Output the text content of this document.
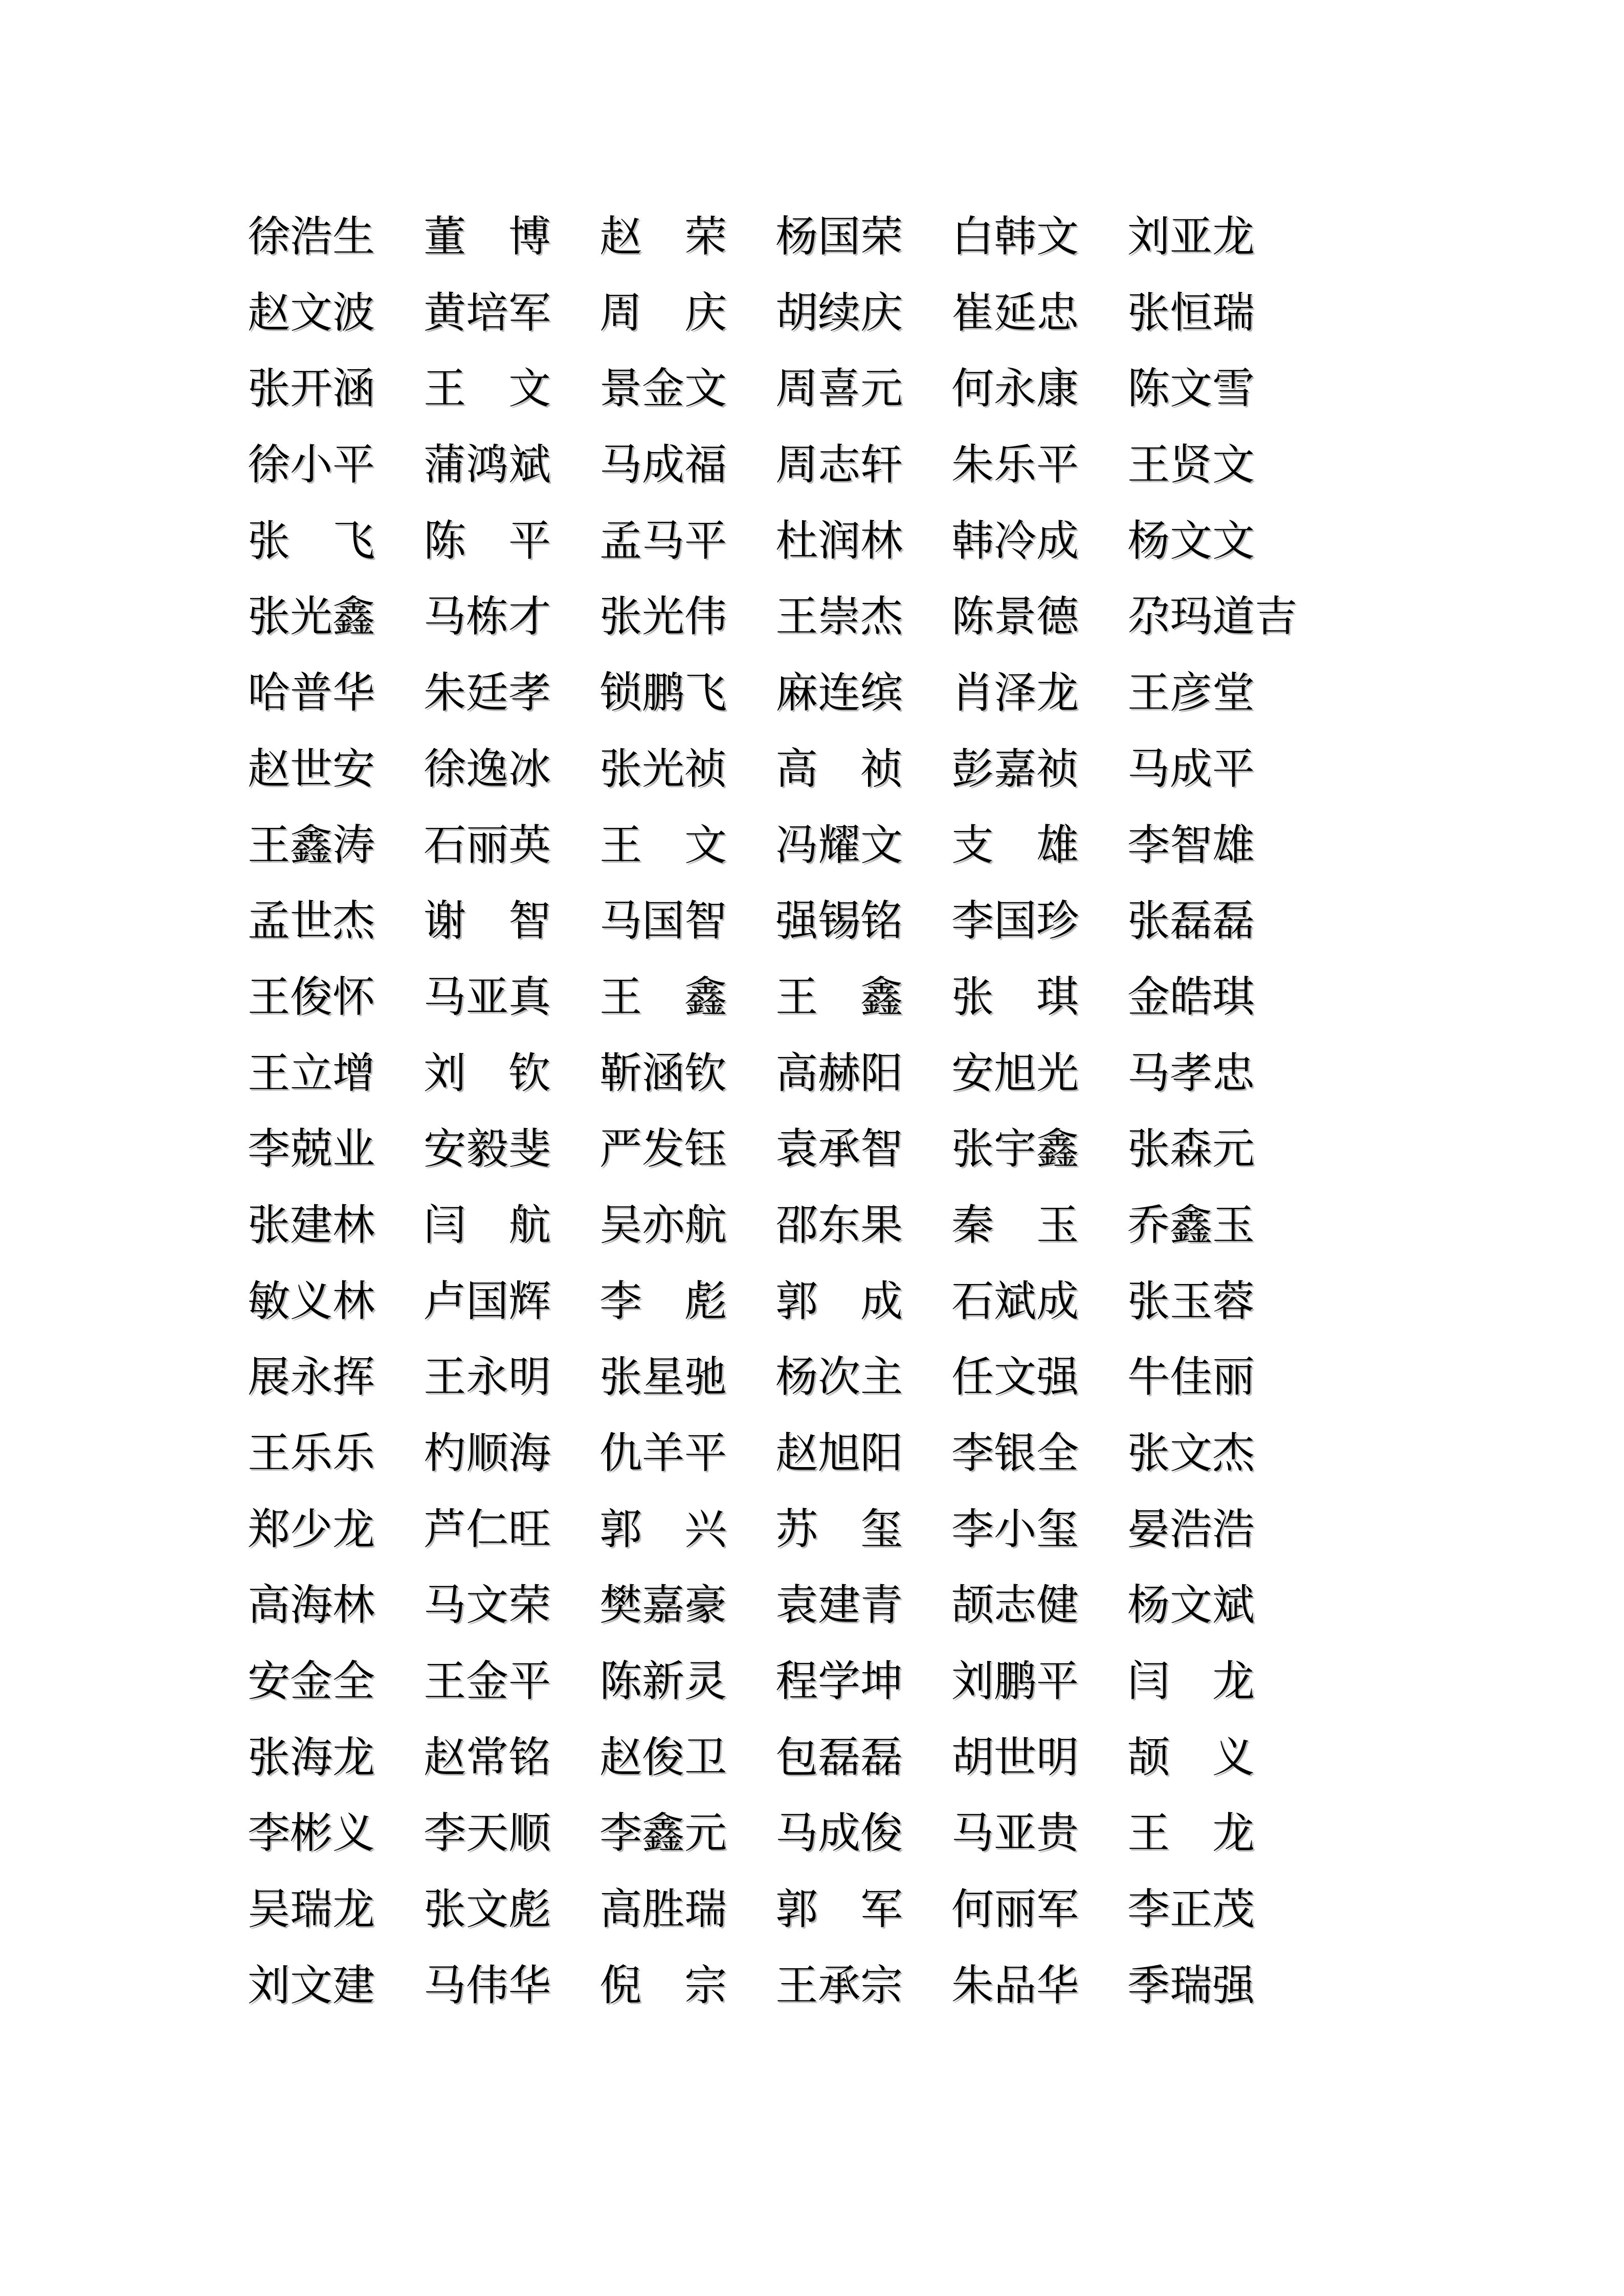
徐浩生 董　博 赵　荣 杨国荣 白韩文 刘亚龙
赵文波 黄培军 周　庆 胡续庆 崔延忠 张恒瑞
张开涵 王　文 景金文 周喜元 何永康 陈文雪
徐小平 蒲鸿斌 马成福 周志轩 朱乐平 王贤文
张　飞 陈　平 孟马平 杜润林 韩冷成 杨文文
张光鑫 马栋才 张光伟 王崇杰 陈景德 尕玛道吉
哈普华 朱廷孝 锁鹏飞 麻连缤 肖泽龙 王彦堂
赵世安 徐逸冰 张光祯 高　祯 彭嘉祯 马成平
王鑫涛 石丽英 王　文 冯耀文 支　雄 李智雄
孟世杰 谢　智 马国智 强锡铭 李国珍 张磊磊
王俊怀 马亚真 王　鑫 王　鑫 张　琪 金皓琪
王立增 刘　钦 靳涵钦 高赫阳 安旭光 马孝忠
李兢业 安毅斐 严发钰 袁承智 张宇鑫 张森元
张建林 闫　航 吴亦航 邵东果 秦　玉 乔鑫玉
敏义林 卢国辉 李　彪 郭　成 石斌成 张玉蓉
展永挥 王永明 张星驰 杨次主 任文强 牛佳丽
王乐乐 杓顺海 仇羊平 赵旭阳 李银全 张文杰
郑少龙 芦仁旺 郭　兴 苏　玺 李小玺 晏浩浩
高海林 马文荣 樊嘉豪 袁建青 颉志健 杨文斌
安金全 王金平 陈新灵 程学坤 刘鹏平 闫　龙
张海龙 赵常铭 赵俊卫 包磊磊 胡世明 颉　义
李彬义 李天顺 李鑫元 马成俊 马亚贵 王　龙
吴瑞龙 张文彪 高胜瑞 郭　军 何丽军 李正茂
刘文建 马伟华 倪　宗 王承宗 朱品华 季瑞强
